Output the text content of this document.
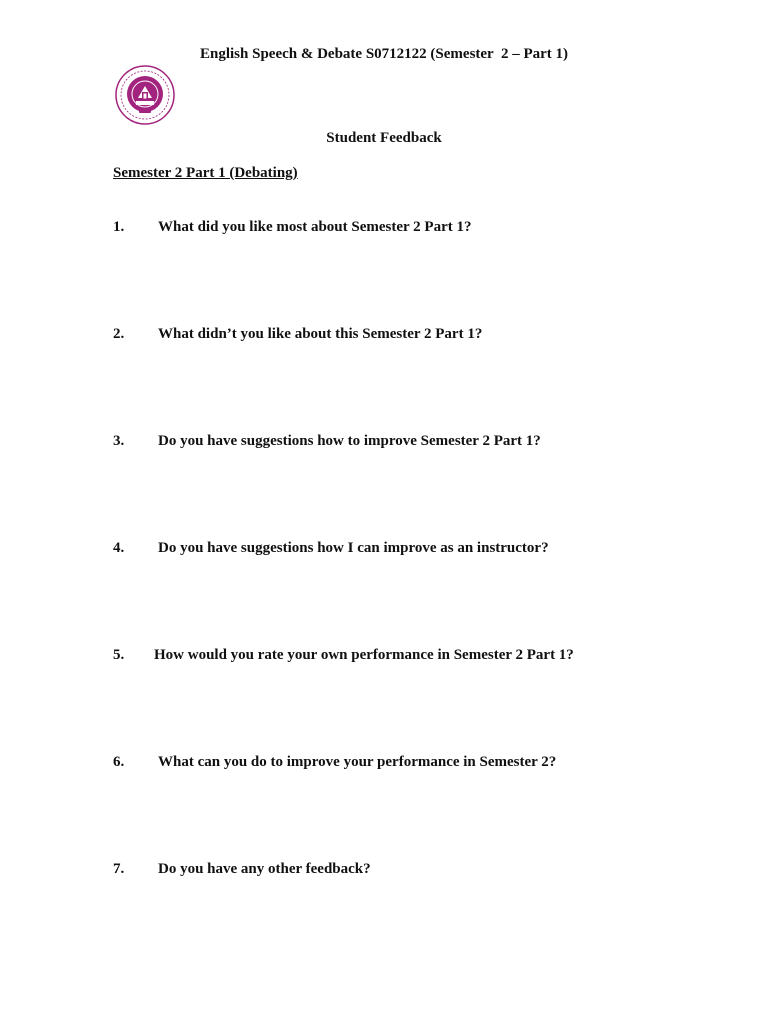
English Speech & Debate S0712122 (Semester  2 – Part 1)
Student Feedback
Semester 2 Part 1 (Debating)
1. What did you like most about Semester 2 Part 1?
2. What didn’t you like about this Semester 2 Part 1?
3. Do you have suggestions how to improve Semester 2 Part 1?
4. Do you have suggestions how I can improve as an instructor?
5. How would you rate your own performance in Semester 2 Part 1?
6. What can you do to improve your performance in Semester 2?
7. Do you have any other feedback?
